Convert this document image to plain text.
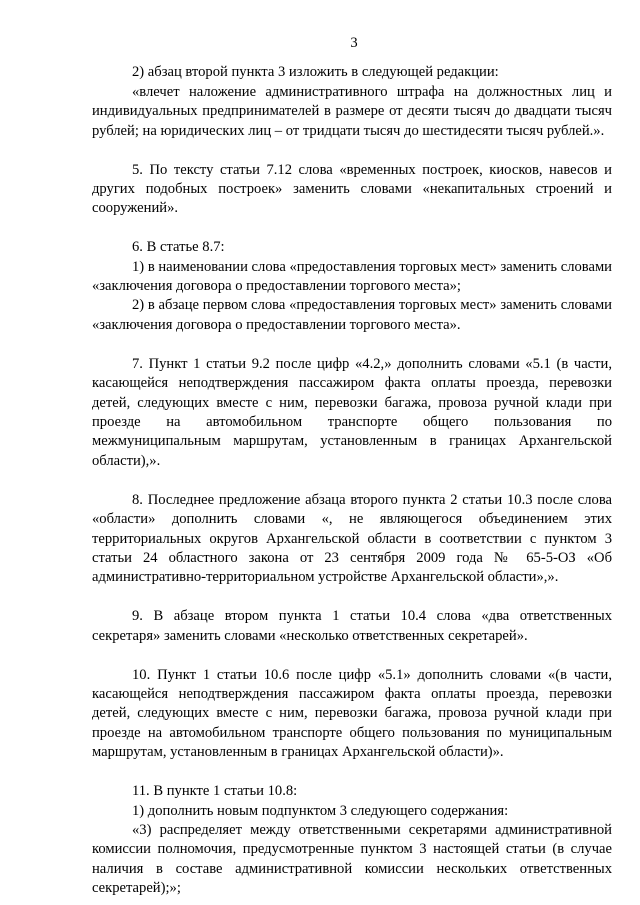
3
2) абзац второй пункта 3 изложить в следующей редакции:
«влечет наложение административного штрафа на должностных лиц и индивидуальных предпринимателей в размере от десяти тысяч до двадцати тысяч рублей; на юридических лиц – от тридцати тысяч до шестидесяти тысяч рублей.».
5. По тексту статьи 7.12 слова «временных построек, киосков, навесов и других подобных построек» заменить словами «некапитальных строений и сооружений».
6. В статье 8.7:
1) в наименовании слова «предоставления торговых мест» заменить словами «заключения договора о предоставлении торгового места»;
2) в абзаце первом слова «предоставления торговых мест» заменить словами «заключения договора о предоставлении торгового места».
7. Пункт 1 статьи 9.2 после цифр «4.2,» дополнить словами «5.1 (в части, касающейся неподтверждения пассажиром факта оплаты проезда, перевозки детей, следующих вместе с ним, перевозки багажа, провоза ручной клади при проезде на автомобильном транспорте общего пользования по межмуниципальным маршрутам, установленным в границах Архангельской области),».
8. Последнее предложение абзаца второго пункта 2 статьи 10.3 после слова «области» дополнить словами «, не являющегося объединением этих территориальных округов Архангельской области в соответствии с пунктом 3 статьи 24 областного закона от 23 сентября 2009 года № 65-5-ОЗ «Об административно-территориальном устройстве Архангельской области»,».
9. В абзаце втором пункта 1 статьи 10.4 слова «два ответственных секретаря» заменить словами «несколько ответственных секретарей».
10. Пункт 1 статьи 10.6 после цифр «5.1» дополнить словами «(в части, касающейся неподтверждения пассажиром факта оплаты проезда, перевозки детей, следующих вместе с ним, перевозки багажа, провоза ручной клади при проезде на автомобильном транспорте общего пользования по муниципальным маршрутам, установленным в границах Архангельской области)».
11. В пункте 1 статьи 10.8:
1) дополнить новым подпунктом 3 следующего содержания:
«3) распределяет между ответственными секретарями административной комиссии полномочия, предусмотренные пунктом 3 настоящей статьи (в случае наличия в составе административной комиссии нескольких ответственных секретарей);»;
